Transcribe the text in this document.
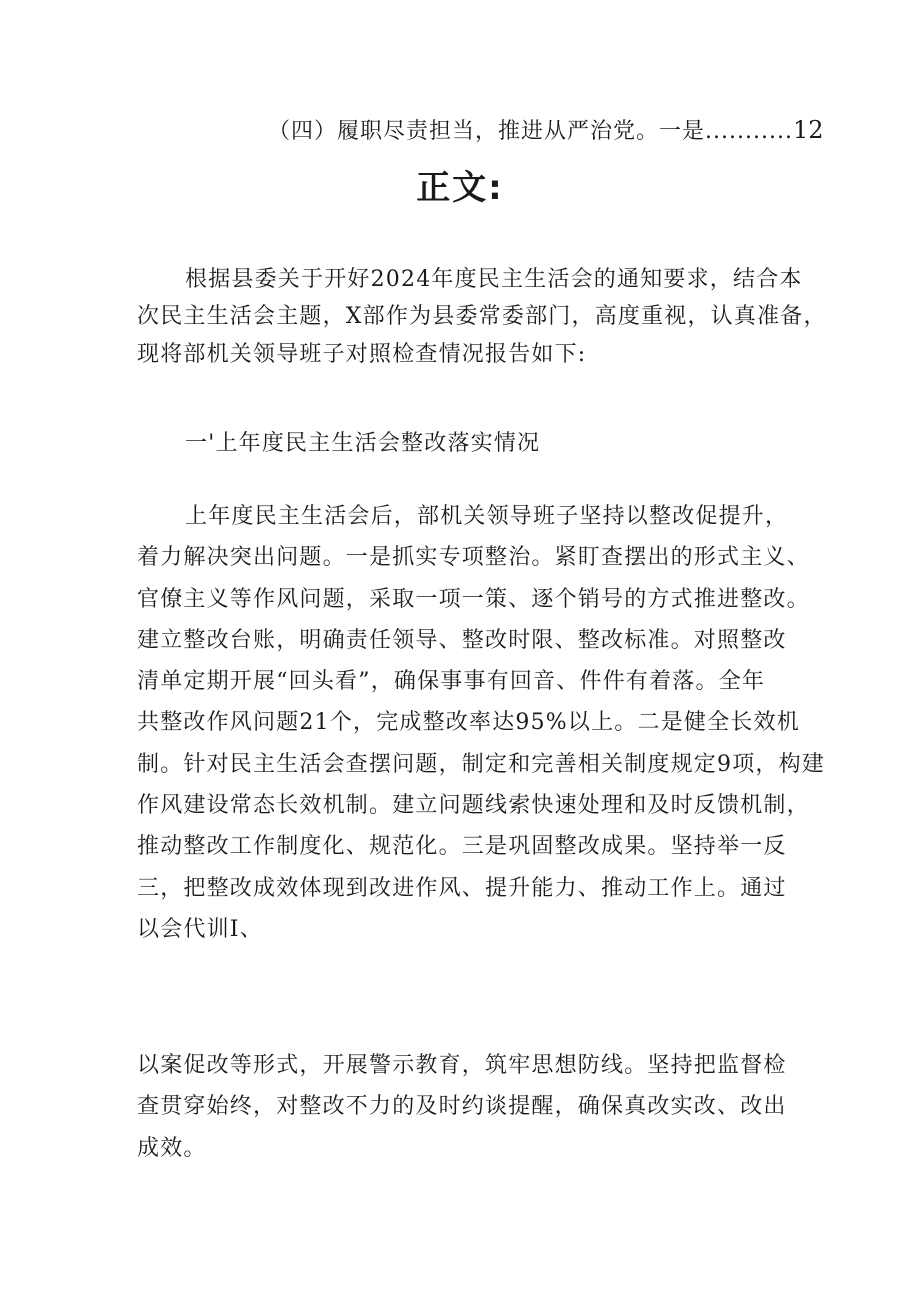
（四）履职尽责担当，推进从严治党。一是...........12
正文:

根据县委关于开好2024年度民主生活会的通知要求，结合本
次民主生活会主题，X部作为县委常委部门，高度重视，认真准备，
现将部机关领导班子对照检查情况报告如下:

一'上年度民主生活会整改落实情况

上年度民主生活会后，部机关领导班子坚持以整改促提升，
着力解决突出问题。一是抓实专项整治。紧盯查摆出的形式主义、
官僚主义等作风问题，采取一项一策、逐个销号的方式推进整改。
建立整改台账，明确责任领导、整改时限、整改标准。对照整改
清单定期开展“回头看”，确保事事有回音、件件有着落。全年
共整改作风问题21个，完成整改率达95%以上。二是健全长效机
制。针对民主生活会查摆问题，制定和完善相关制度规定9项，构建
作风建设常态长效机制。建立问题线索快速处理和及时反馈机制，
推动整改工作制度化、规范化。三是巩固整改成果。坚持举一反
三，把整改成效体现到改进作风、提升能力、推动工作上。通过
以会代训I、

以案促改等形式，开展警示教育，筑牢思想防线。坚持把监督检
查贯穿始终，对整改不力的及时约谈提醒，确保真改实改、改出
成效。
